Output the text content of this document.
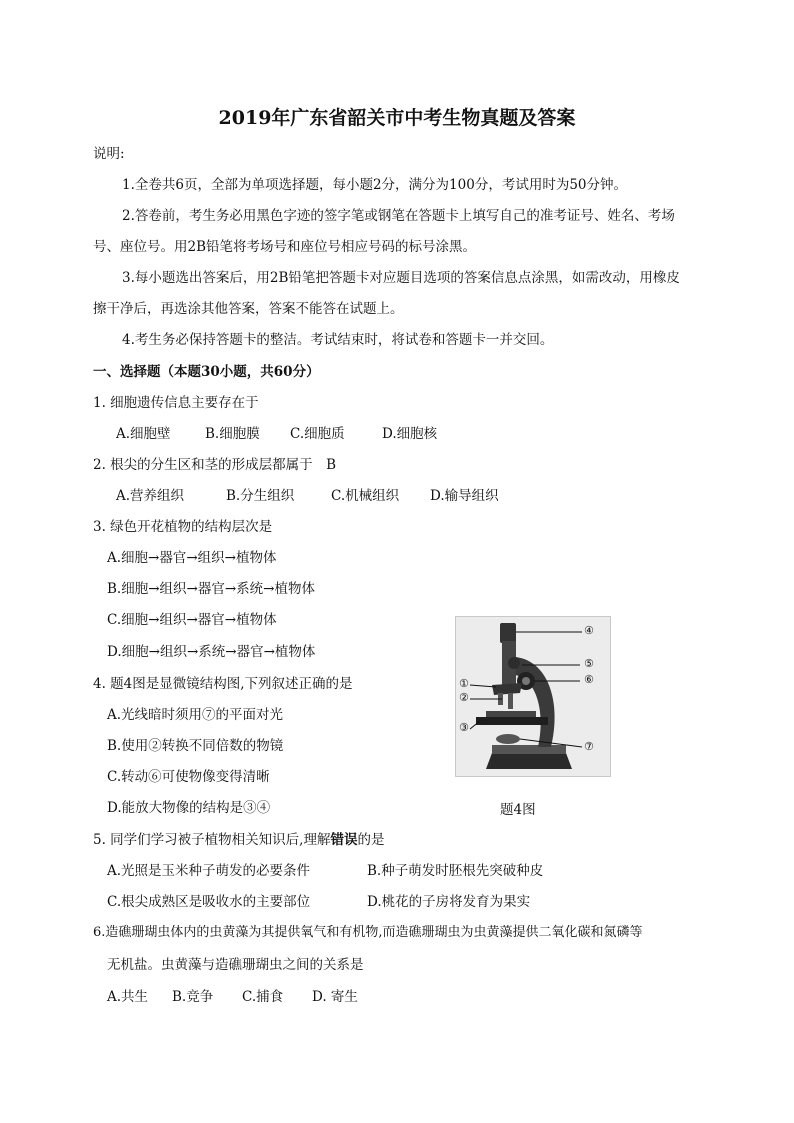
2019年广东省韶关市中考生物真题及答案
说明:
1.全卷共6页，全部为单项选择题，每小题2分，满分为100分，考试用时为50分钟。
2.答卷前，考生务必用黑色字迹的签字笔或钢笔在答题卡上填写自己的准考证号、姓名、考场
号、座位号。用2B铅笔将考场号和座位号相应号码的标号涂黑。
3.每小题选出答案后，用2B铅笔把答题卡对应题目选项的答案信息点涂黑，如需改动，用橡皮
擦干净后，再选涂其他答案，答案不能答在试题上。
4.考生务必保持答题卡的整洁。考试结束时，将试卷和答题卡一并交回。
一、选择题（本题30小题，共60分）
1. 细胞遗传信息主要存在于
A.细胞壁	B.细胞膜 C.细胞质	D.细胞核
2. 根尖的分生区和茎的形成层都属于　B
A.营养组织	B.分生组织	C.机械组织 D.输导组织
3. 绿色开花植物的结构层次是
A.细胞→器官→组织→植物体
B.细胞→组织→器官→系统→植物体
C.细胞→组织→器官→植物体
D.细胞→组织→系统→器官→植物体
④
⑤
⑥
①
②
③
⑦
4. 题4图是显微镜结构图,下列叙述正确的是
A.光线暗时须用⑦的平面对光
B.使用②转换不同倍数的物镜
C.转动⑥可使物像变得清晰
D.能放大物像的结构是③④	题4图
5. 同学们学习被子植物相关知识后,理解错误的是
A.光照是玉米种子萌发的必要条件	B.种子萌发时胚根先突破种皮
C.根尖成熟区是吸收水的主要部位	D.桃花的子房将发育为果实
6.造礁珊瑚虫体内的虫黄藻为其提供氧气和有机物,而造礁珊瑚虫为虫黄藻提供二氧化碳和氮磷等
无机盐。虫黄藻与造礁珊瑚虫之间的关系是
A.共生 B.竞争 C.捕食 D. 寄生
